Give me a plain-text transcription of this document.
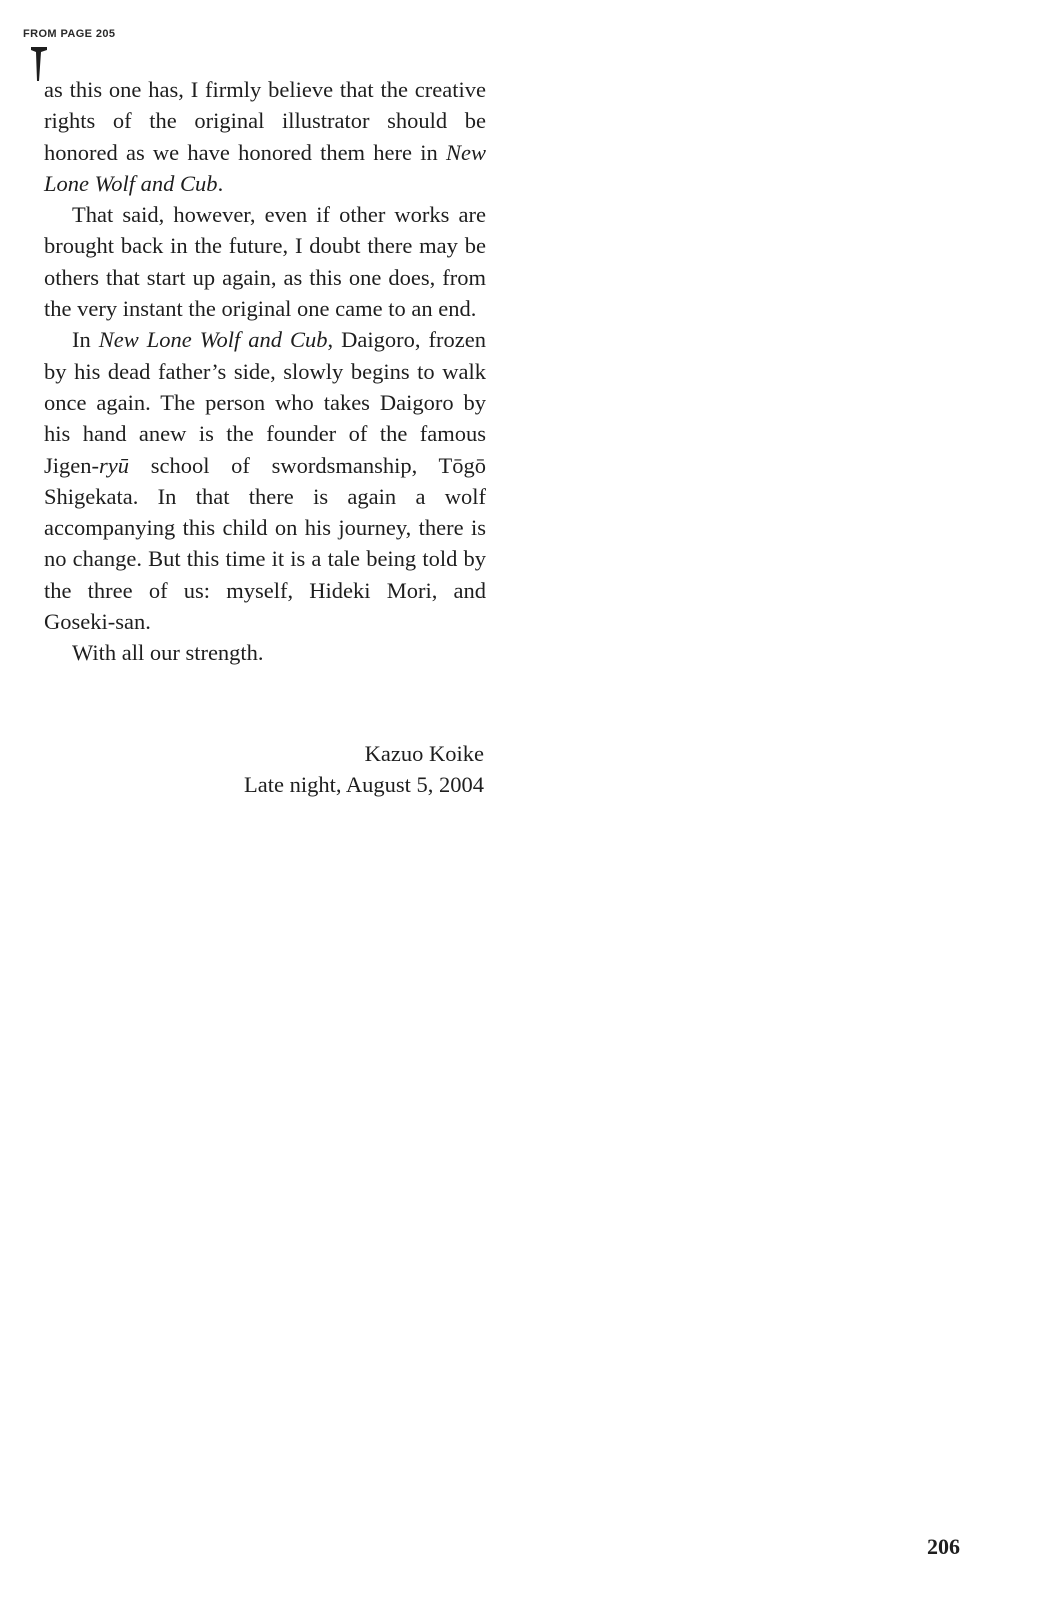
FROM PAGE 205

as this one has, I firmly believe that the creative rights of the original illustrator should be honored as we have honored them here in New Lone Wolf and Cub.

That said, however, even if other works are brought back in the future, I doubt there may be others that start up again, as this one does, from the very instant the original one came to an end.

In New Lone Wolf and Cub, Daigoro, frozen by his dead father’s side, slowly begins to walk once again. The person who takes Daigoro by his hand anew is the founder of the famous Jigen-ryū school of swordsmanship, Tōgō Shigekata. In that there is again a wolf accompanying this child on his journey, there is no change. But this time it is a tale being told by the three of us: myself, Hideki Mori, and Goseki-san.

With all our strength.

Kazuo Koike
Late night, August 5, 2004
206
